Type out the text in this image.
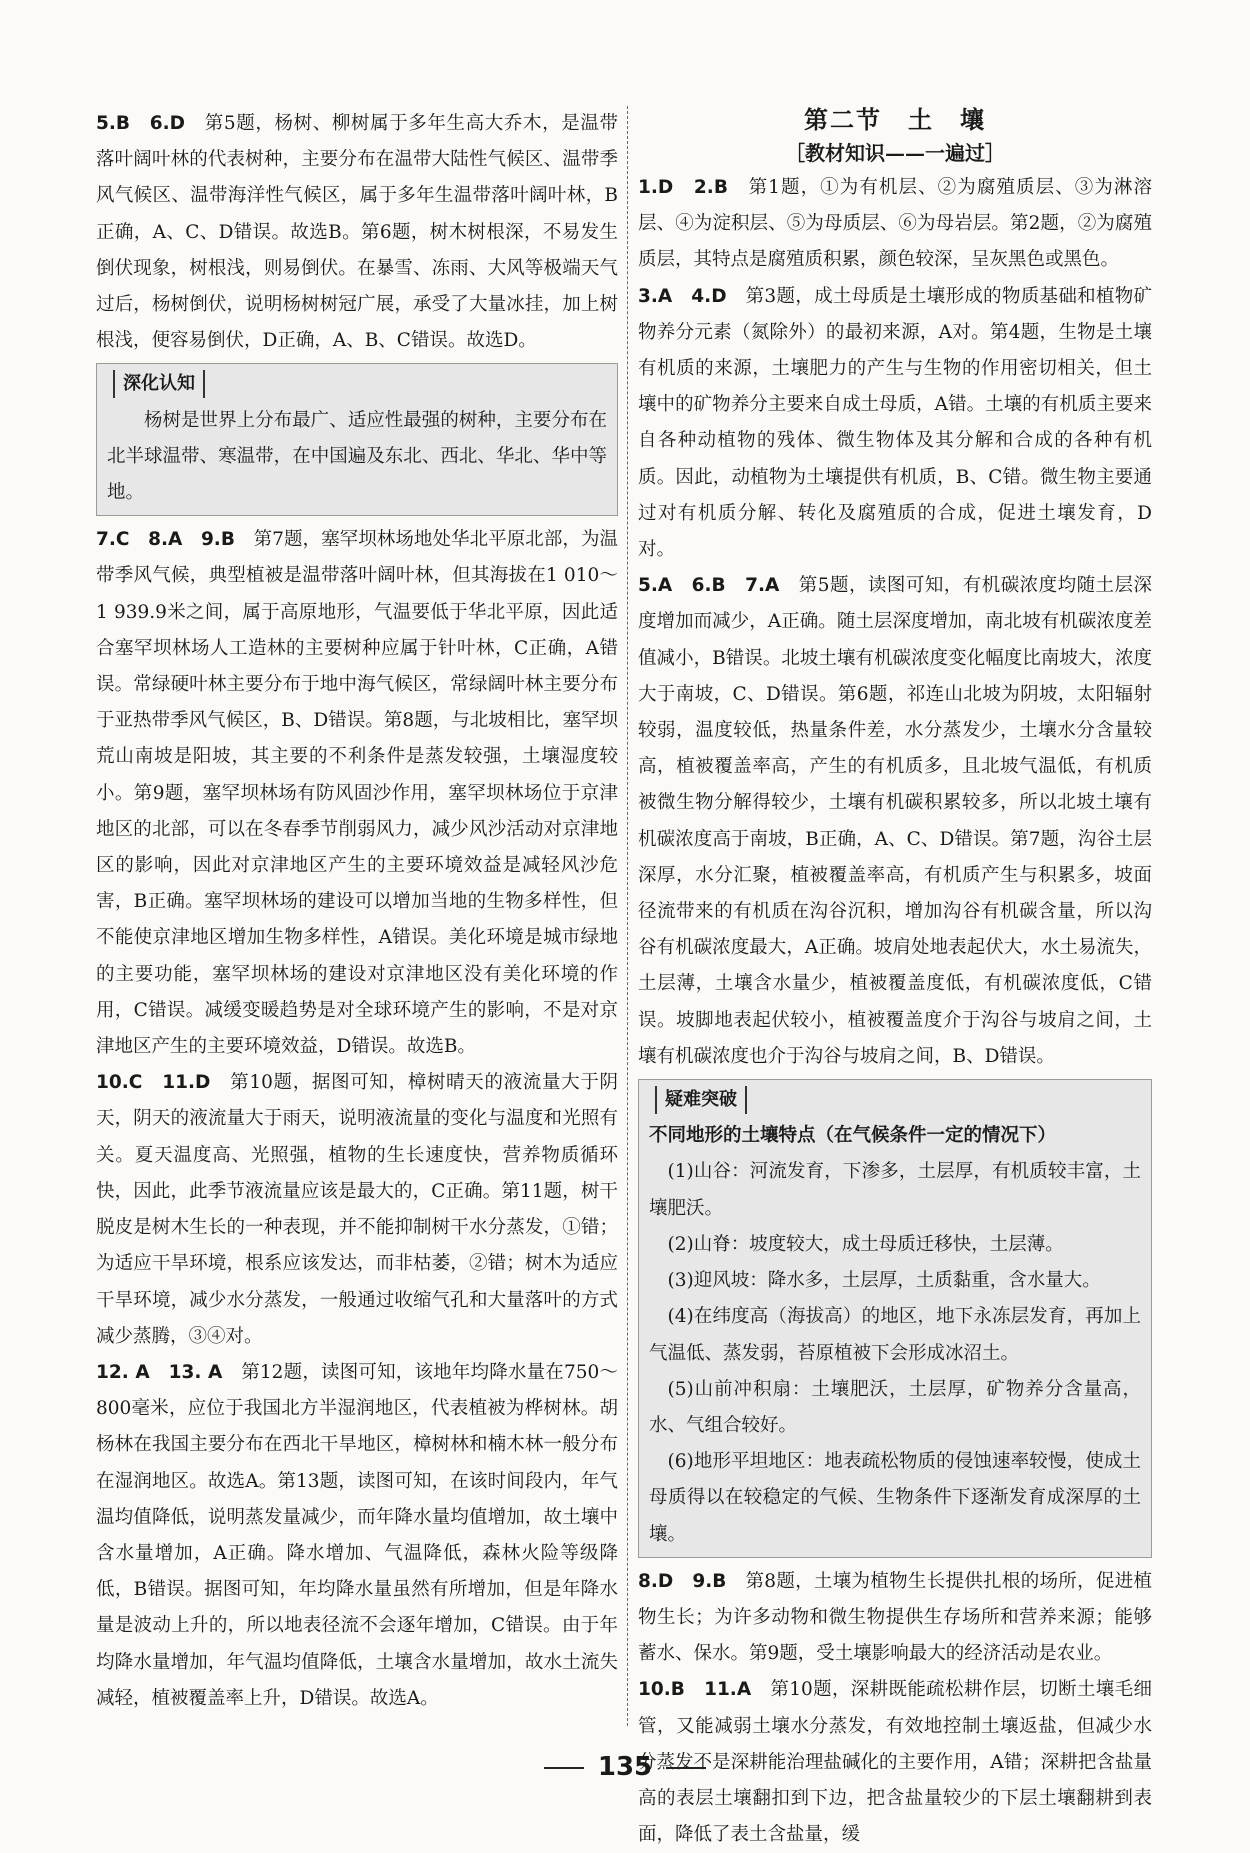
5.B　6.D　第5题，杨树、柳树属于多年生高大乔木，是温带落叶阔叶林的代表树种，主要分布在温带大陆性气候区、温带季风气候区、温带海洋性气候区，属于多年生温带落叶阔叶林，B正确，A、C、D错误。故选B。第6题，树木树根深，不易发生倒伏现象，树根浅，则易倒伏。在暴雪、冻雨、大风等极端天气过后，杨树倒伏，说明杨树树冠广展，承受了大量冰挂，加上树根浅，便容易倒伏，D正确，A、B、C错误。故选D。

深化认知

杨树是世界上分布最广、适应性最强的树种，主要分布在北半球温带、寒温带，在中国遍及东北、西北、华北、华中等地。

7.C　8.A　9.B　第7题，塞罕坝林场地处华北平原北部，为温带季风气候，典型植被是温带落叶阔叶林，但其海拔在1 010～1 939.9米之间，属于高原地形，气温要低于华北平原，因此适合塞罕坝林场人工造林的主要树种应属于针叶林，C正确，A错误。常绿硬叶林主要分布于地中海气候区，常绿阔叶林主要分布于亚热带季风气候区，B、D错误。第8题，与北坡相比，塞罕坝荒山南坡是阳坡，其主要的不利条件是蒸发较强，土壤湿度较小。第9题，塞罕坝林场有防风固沙作用，塞罕坝林场位于京津地区的北部，可以在冬春季节削弱风力，减少风沙活动对京津地区的影响，因此对京津地区产生的主要环境效益是减轻风沙危害，B正确。塞罕坝林场的建设可以增加当地的生物多样性，但不能使京津地区增加生物多样性，A错误。美化环境是城市绿地的主要功能，塞罕坝林场的建设对京津地区没有美化环境的作用，C错误。减缓变暖趋势是对全球环境产生的影响，不是对京津地区产生的主要环境效益，D错误。故选B。

10.C　11.D　第10题，据图可知，樟树晴天的液流量大于阴天，阴天的液流量大于雨天，说明液流量的变化与温度和光照有关。夏天温度高、光照强，植物的生长速度快，营养物质循环快，因此，此季节液流量应该是最大的，C正确。第11题，树干脱皮是树木生长的一种表现，并不能抑制树干水分蒸发，①错；为适应干旱环境，根系应该发达，而非枯萎，②错；树木为适应干旱环境，减少水分蒸发，一般通过收缩气孔和大量落叶的方式减少蒸腾，③④对。

12. A　13. A　第12题，读图可知，该地年均降水量在750～800毫米，应位于我国北方半湿润地区，代表植被为桦树林。胡杨林在我国主要分布在西北干旱地区，樟树林和楠木林一般分布在湿润地区。故选A。第13题，读图可知，在该时间段内，年气温均值降低，说明蒸发量减少，而年降水量均值增加，故土壤中含水量增加，A正确。降水增加、气温降低，森林火险等级降低，B错误。据图可知，年均降水量虽然有所增加，但是年降水量是波动上升的，所以地表径流不会逐年增加，C错误。由于年均降水量增加，年气温均值降低，土壤含水量增加，故水土流失减轻，植被覆盖率上升，D错误。故选A。

第二节　土　壤
［教材知识——一遍过］

1.D　2.B　第1题，①为有机层、②为腐殖质层、③为淋溶层、④为淀积层、⑤为母质层、⑥为母岩层。第2题，②为腐殖质层，其特点是腐殖质积累，颜色较深，呈灰黑色或黑色。

3.A　4.D　第3题，成土母质是土壤形成的物质基础和植物矿物养分元素（氮除外）的最初来源，A对。第4题，生物是土壤有机质的来源，土壤肥力的产生与生物的作用密切相关，但土壤中的矿物养分主要来自成土母质，A错。土壤的有机质主要来自各种动植物的残体、微生物体及其分解和合成的各种有机质。因此，动植物为土壤提供有机质，B、C错。微生物主要通过对有机质分解、转化及腐殖质的合成，促进土壤发育，D对。

5.A　6.B　7.A　第5题，读图可知，有机碳浓度均随土层深度增加而减少，A正确。随土层深度增加，南北坡有机碳浓度差值减小，B错误。北坡土壤有机碳浓度变化幅度比南坡大，浓度大于南坡，C、D错误。第6题，祁连山北坡为阴坡，太阳辐射较弱，温度较低，热量条件差，水分蒸发少，土壤水分含量较高，植被覆盖率高，产生的有机质多，且北坡气温低，有机质被微生物分解得较少，土壤有机碳积累较多，所以北坡土壤有机碳浓度高于南坡，B正确，A、C、D错误。第7题，沟谷土层深厚，水分汇聚，植被覆盖率高，有机质产生与积累多，坡面径流带来的有机质在沟谷沉积，增加沟谷有机碳含量，所以沟谷有机碳浓度最大，A正确。坡肩处地表起伏大，水土易流失，土层薄，土壤含水量少，植被覆盖度低，有机碳浓度低，C错误。坡脚地表起伏较小，植被覆盖度介于沟谷与坡肩之间，土壤有机碳浓度也介于沟谷与坡肩之间，B、D错误。

疑难突破

不同地形的土壤特点（在气候条件一定的情况下）

(1)山谷：河流发育，下渗多，土层厚，有机质较丰富，土壤肥沃。

(2)山脊：坡度较大，成土母质迁移快，土层薄。

(3)迎风坡：降水多，土层厚，土质黏重，含水量大。

(4)在纬度高（海拔高）的地区，地下永冻层发育，再加上气温低、蒸发弱，苔原植被下会形成冰沼土。

(5)山前冲积扇：土壤肥沃，土层厚，矿物养分含量高，水、气组合较好。

(6)地形平坦地区：地表疏松物质的侵蚀速率较慢，使成土母质得以在较稳定的气候、生物条件下逐渐发育成深厚的土壤。

8.D　9.B　第8题，土壤为植物生长提供扎根的场所，促进植物生长；为许多动物和微生物提供生存场所和营养来源；能够蓄水、保水。第9题，受土壤影响最大的经济活动是农业。

10.B　11.A　第10题，深耕既能疏松耕作层，切断土壤毛细管，又能减弱土壤水分蒸发，有效地控制土壤返盐，但减少水分蒸发不是深耕能治理盐碱化的主要作用，A错；深耕把含盐量高的表层土壤翻扣到下边，把含盐量较少的下层土壤翻耕到表面，降低了表土含盐量，缓

135
